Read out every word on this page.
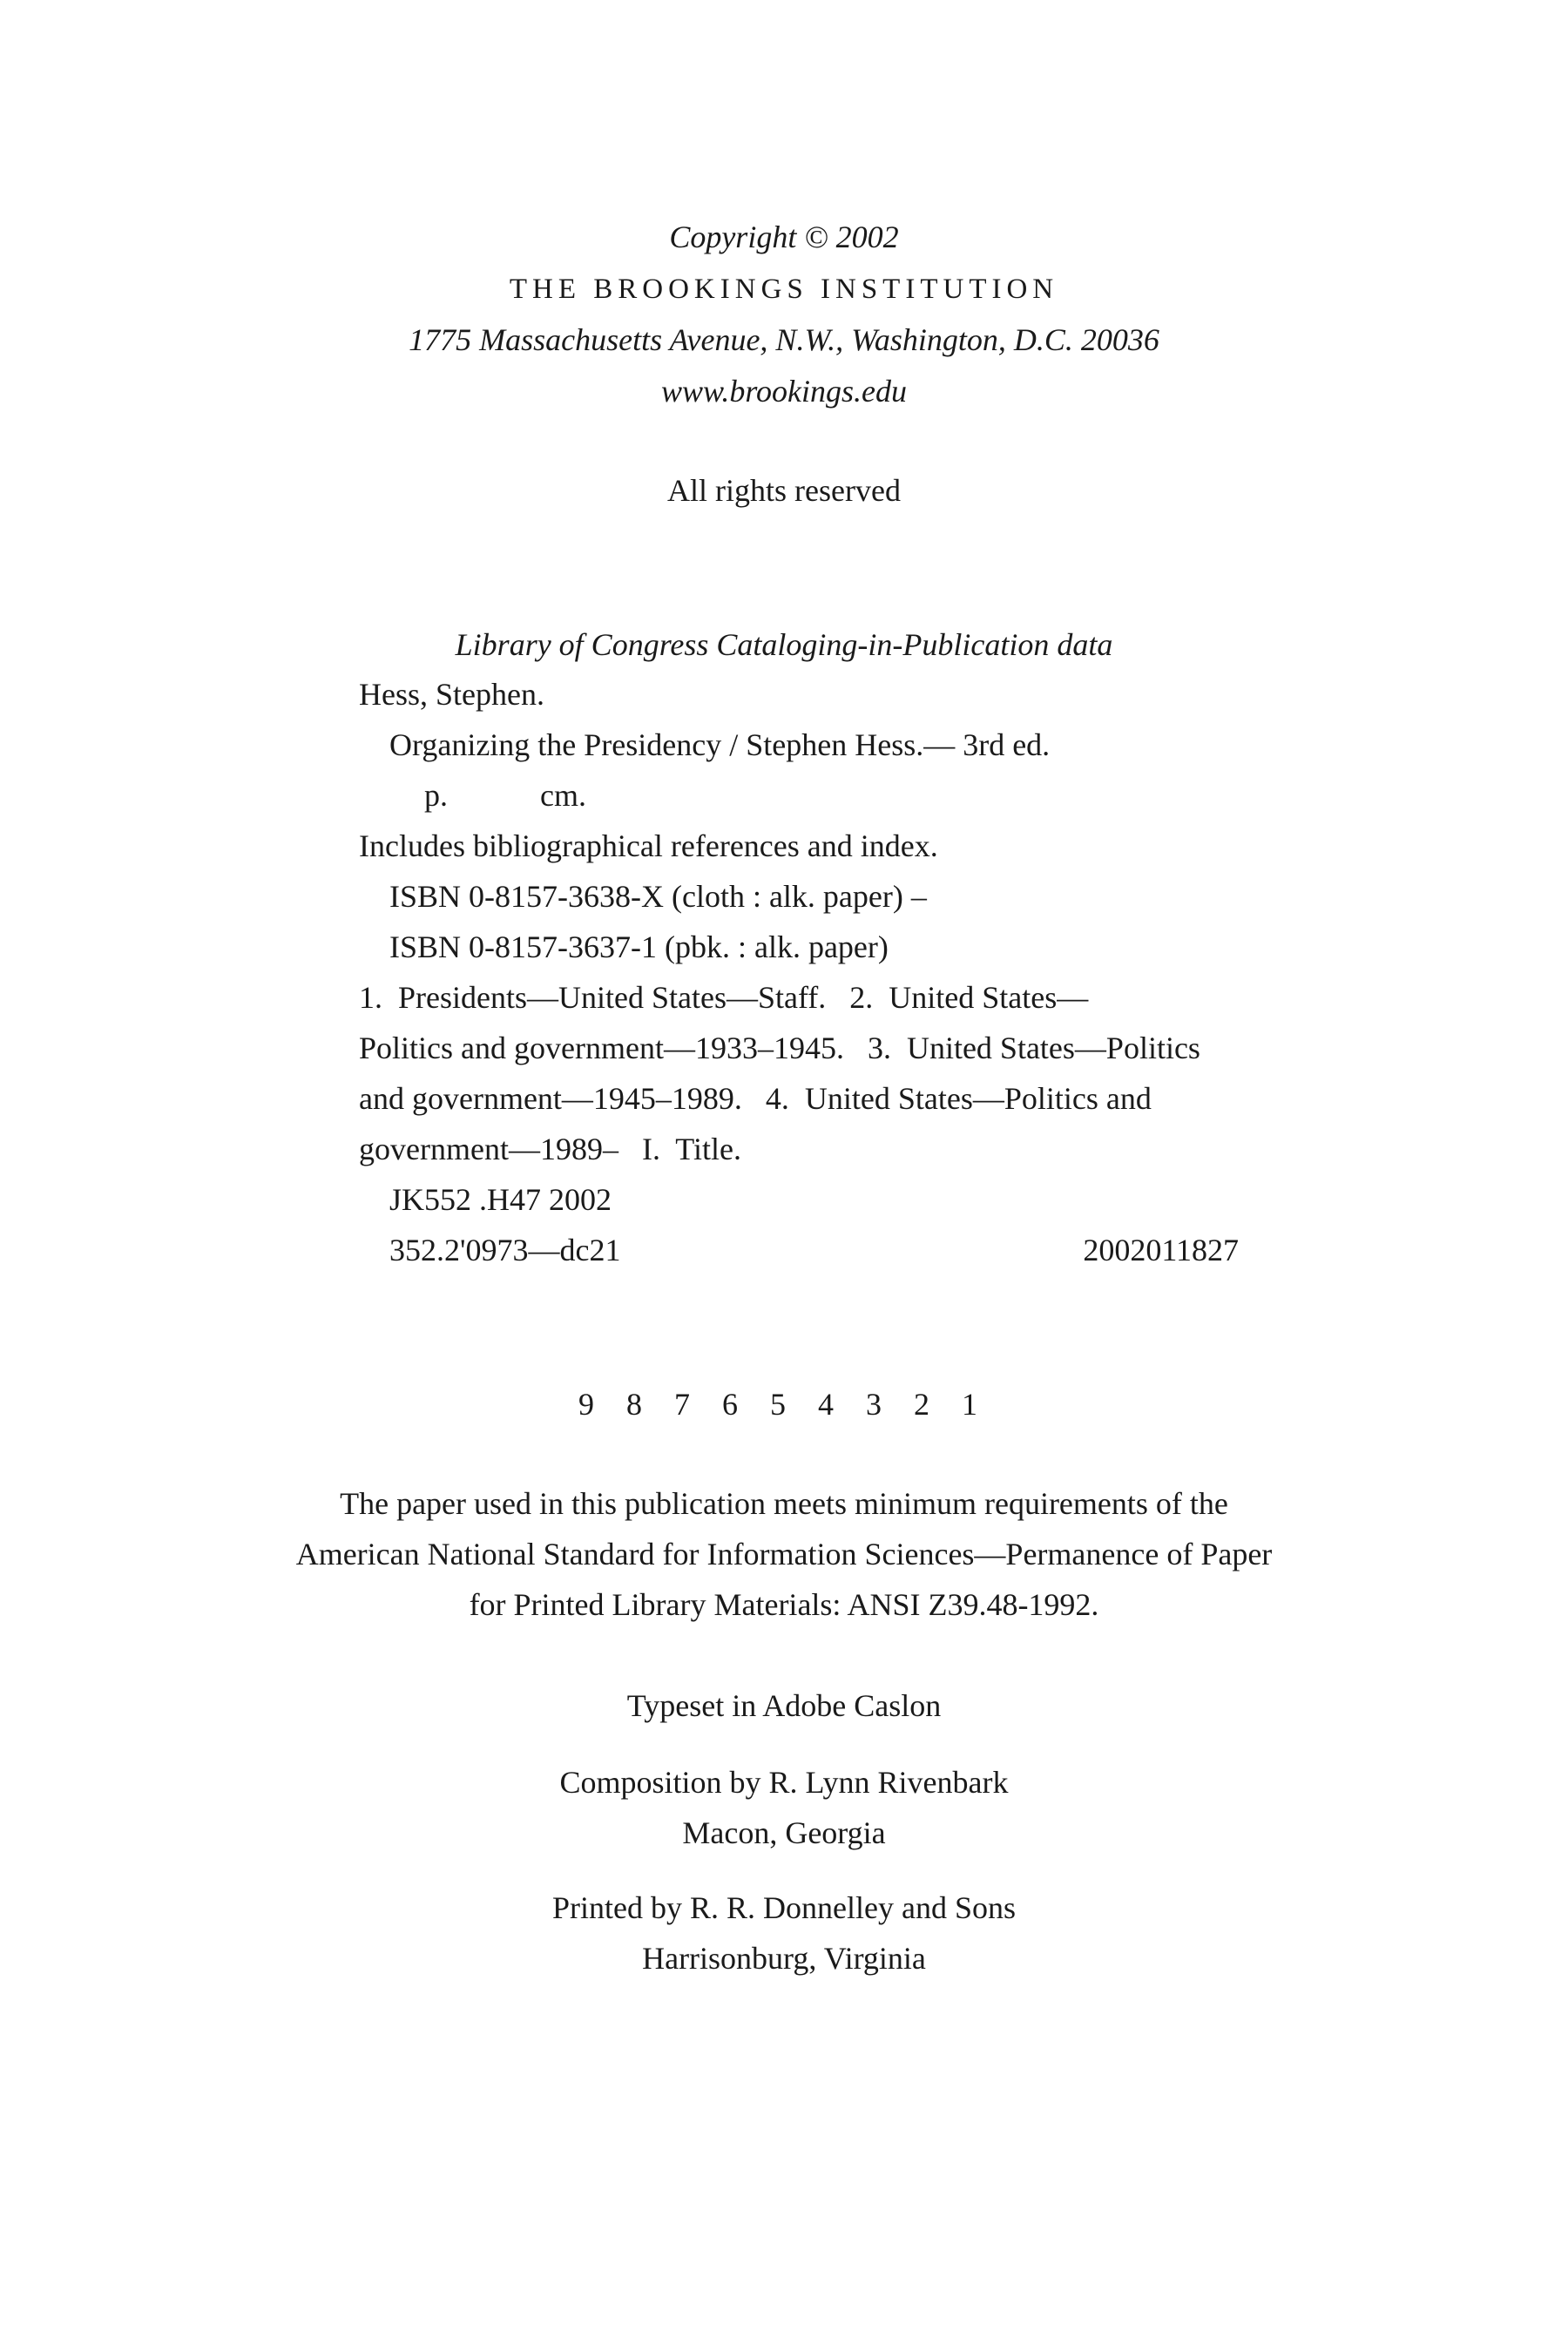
Copyright © 2002
THE BROOKINGS INSTITUTION
1775 Massachusetts Avenue, N.W., Washington, D.C. 20036
www.brookings.edu
All rights reserved
Library of Congress Cataloging-in-Publication data
Hess, Stephen.
Organizing the Presidency / Stephen Hess.— 3rd ed.
p.	cm.
Includes bibliographical references and index.
ISBN 0-8157-3638-X (cloth : alk. paper) –
ISBN 0-8157-3637-1 (pbk. : alk. paper)
1.  Presidents—United States—Staff.   2.  United States—
Politics and government—1933–1945.   3.  United States—Politics
and government—1945–1989.   4.  United States—Politics and
government—1989–   I.  Title.
JK552 .H47 2002
352.2'0973—dc21	2002011827
9 8 7 6 5 4 3 2 1
The paper used in this publication meets minimum requirements of the
American National Standard for Information Sciences—Permanence of Paper
for Printed Library Materials: ANSI Z39.48-1992.
Typeset in Adobe Caslon
Composition by R. Lynn Rivenbark
Macon, Georgia
Printed by R. R. Donnelley and Sons
Harrisonburg, Virginia
